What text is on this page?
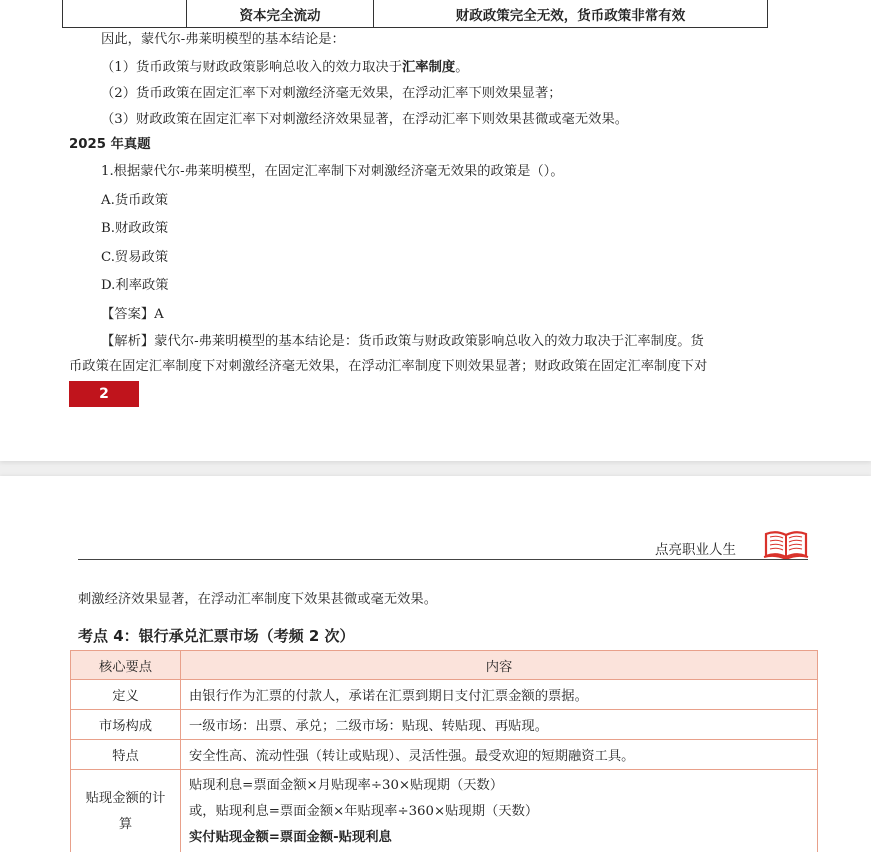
资本完全流动	财政政策完全无效，货币政策非常有效
因此，蒙代尔-弗莱明模型的基本结论是：
（1）货币政策与财政政策影响总收入的效力取决于汇率制度。
（2）货币政策在固定汇率下对刺激经济毫无效果，在浮动汇率下则效果显著；
（3）财政政策在固定汇率下对刺激经济效果显著，在浮动汇率下则效果甚微或毫无效果。
2025 年真题
1.根据蒙代尔-弗莱明模型，在固定汇率制下对刺激经济毫无效果的政策是（）。
A.货币政策
B.财政政策
C.贸易政策
D.利率政策
【答案】A
【解析】蒙代尔-弗莱明模型的基本结论是：货币政策与财政政策影响总收入的效力取决于汇率制度。货
币政策在固定汇率制度下对刺激经济毫无效果，在浮动汇率制度下则效果显著；财政政策在固定汇率制度下对
2
点亮职业人生
刺激经济效果显著，在浮动汇率制度下效果甚微或毫无效果。
考点 4：银行承兑汇票市场（考频 2 次）
核心要点	内容
定义	由银行作为汇票的付款人，承诺在汇票到期日支付汇票金额的票据。
市场构成	一级市场：出票、承兑；二级市场：贴现、转贴现、再贴现。
特点	安全性高、流动性强（转让或贴现）、灵活性强。最受欢迎的短期融资工具。
贴现金额的计算	贴现利息=票面金额×月贴现率÷30×贴现期（天数）
或，贴现利息=票面金额×年贴现率÷360×贴现期（天数）
实付贴现金额=票面金额-贴现利息
